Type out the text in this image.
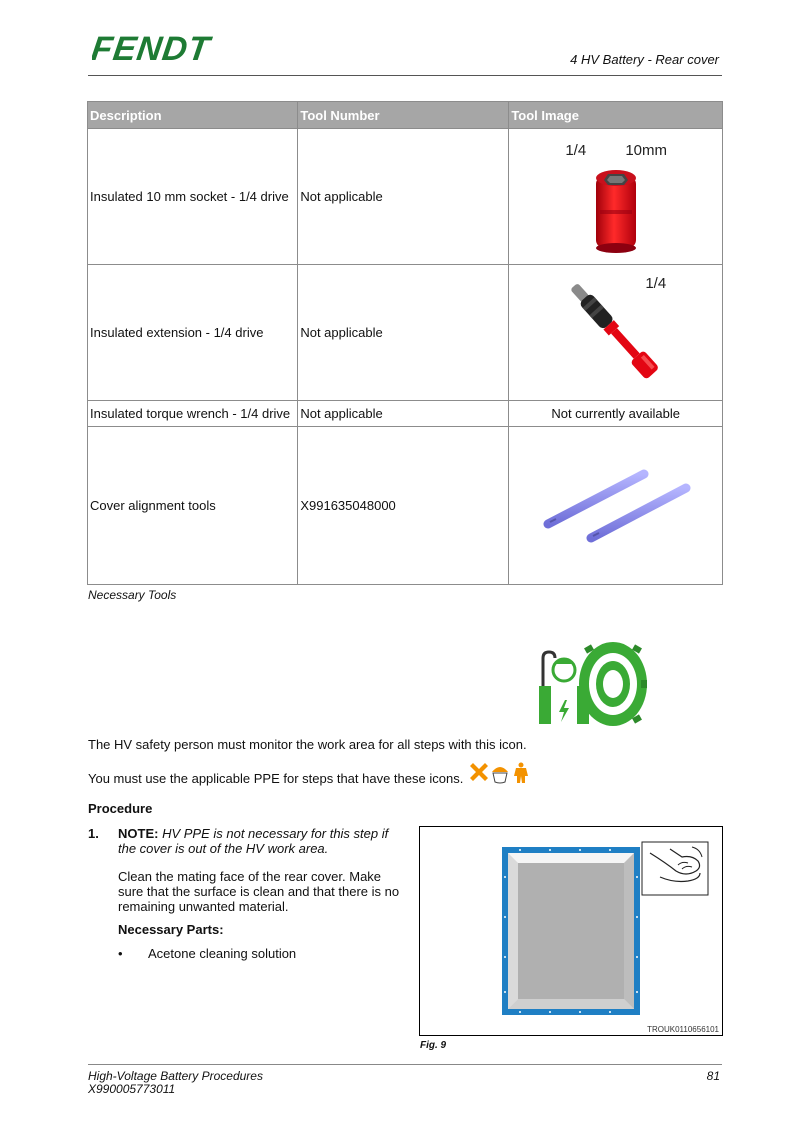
FENDT	4 HV Battery - Rear cover
Description	Tool Number	Tool Image
Insulated 10 mm socket - 1/4 drive	Not applicable	1/4 10mm

Insulated extension - 1/4 drive	Not applicable	1/4

Insulated torque wrench - 1/4 drive	Not applicable	Not currently available
Cover alignment tools	X991635048000	
Necessary Tools
The HV safety person must monitor the work area for all steps with this icon.
You must use the applicable PPE for steps that have these icons.
Procedure
1. NOTE: HV PPE is not necessary for this step if the cover is out of the HV work area.
Clean the mating face of the rear cover. Make sure that the surface is clean and that there is no remaining unwanted material.
Necessary Parts:
•	Acetone cleaning solution
TROUK0110656101
Fig. 9
High-Voltage Battery Procedures
X990005773011
81
